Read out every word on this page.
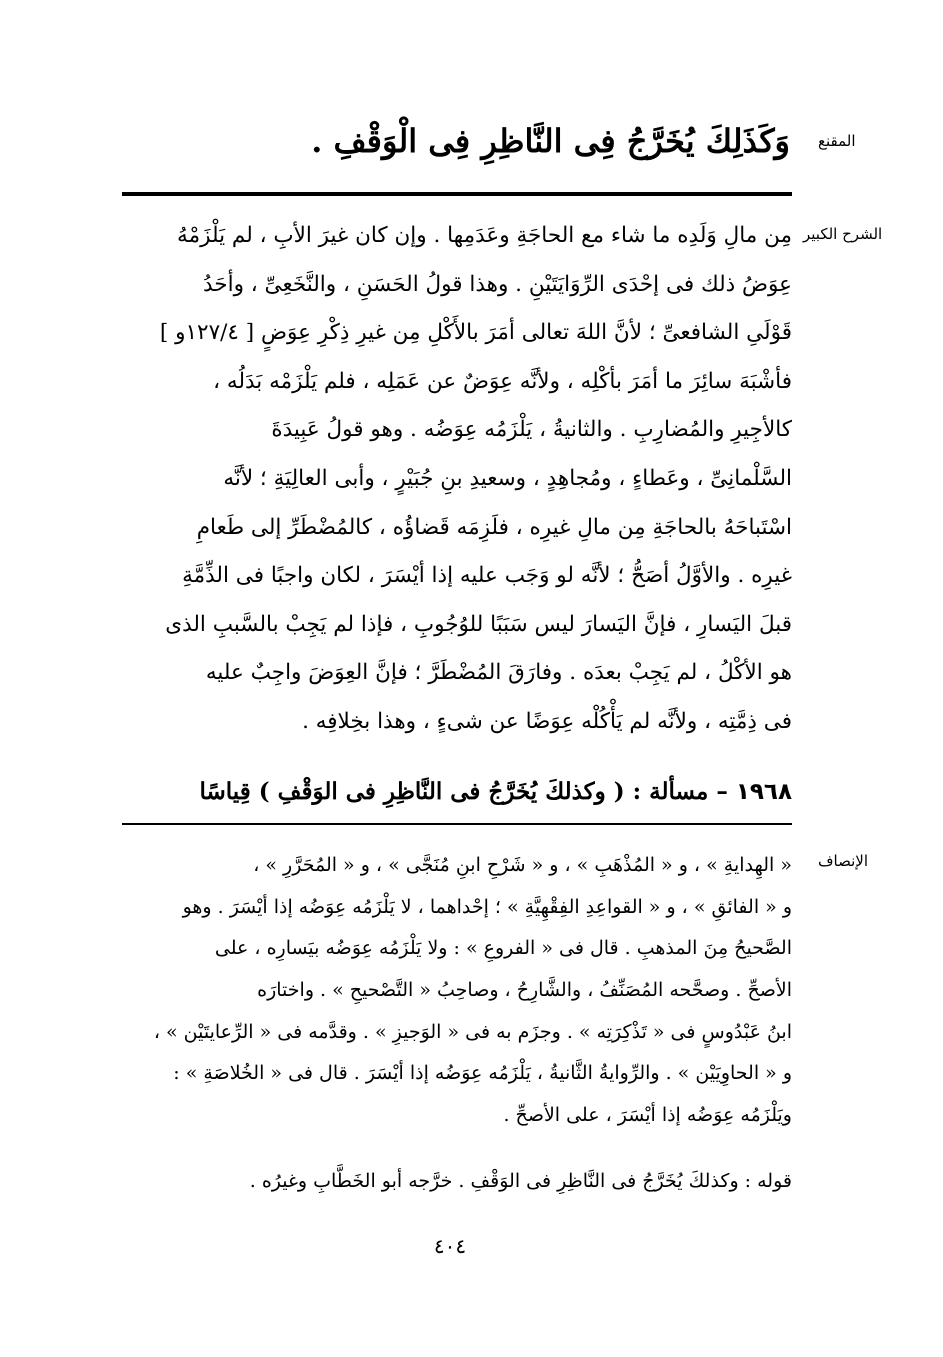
المقنع
وَكَذَلِكَ يُخَرَّجُ فِى النَّاظِرِ فِى الْوَقْفِ .
الشرح الكبير
مِن مالِ وَلَدِه ما شاء مع الحاجَةِ وعَدَمِها . وإن كان غيرَ الأبِ ، لم يَلْزَمْهُ
عِوَضُ ذلك فى إحْدَى الرِّوَايَتَيْنِ . وهذا قولُ الحَسَنِ ، والنَّخَعِىِّ ، وأحَدُ
قَوْلَىِ الشافعىِّ ؛ لأنَّ اللهَ تعالى أمَرَ بالأَكْلِ مِن غيرِ ذِكْرِ عِوَضٍ [ ١٢٧/٤و ]
فأشْبَهَ سائِرَ ما أمَرَ بأكْلِه ، ولأنَّه عِوَضٌ عن عَمَلِه ، فلم يَلْزَمْه بَدَلُه ،
كالأجِيرِ والمُضارِبِ . والثانيةُ ، يَلْزَمُه عِوَضُه . وهو قولُ عَبِيدَةَ
السَّلْمانِىِّ ، وعَطاءٍ ، ومُجاهِدٍ ، وسعيدِ بنِ جُبَيْرٍ ، وأبى العالِيَةِ ؛ لأنَّه
اسْتَباحَهُ بالحاجَةِ مِن مالِ غيرِه ، فلَزِمَه قَضاؤُه ، كالمُضْطَرِّ إلى طَعامِ
غيرِه . والأوَّلُ أصَحُّ ؛ لأنَّه لو وَجَب عليه إذا أيْسَرَ ، لكان واجبًا فى الذِّمَّةِ
قبلَ اليَسارِ ، فإنَّ اليَسارَ ليس سَبَبًا للوُجُوبِ ، فإذا لم يَجِبْ بالسَّببِ الذى
هو الأكْلُ ، لم يَجِبْ بعدَه . وفارَقَ المُضْطَرَّ ؛ فإنَّ العِوَضَ واجِبٌ عليه
فى ذِمَّتِه ، ولأنَّه لم يَأْكُلْه عِوَضًا عن شىءٍ ، وهذا بخِلافِه .
١٩٦٨ – مسألة : ( وكذلكَ يُخَرَّجُ فى النَّاظِرِ فى الوَقْفِ ) قِياسًا
الإنصاف
« الهِدايةِ » ، و « المُذْهَبِ » ، و « شَرْحِ ابنِ مُنَجَّى » ، و « المُحَرَّرِ » ،
و « الفائقِ » ، و « القواعِدِ الفِقْهِيَّةِ » ؛ إحْداهما ، لا يَلْزَمُه عِوَضُه إذا أيْسَرَ . وهو
الصَّحيحُ مِنَ المذهبِ . قال فى « الفروعِ » : ولا يَلْزَمُه عِوَضُه بيَسارِه ، على
الأصحِّ . وصحَّحه المُصَنِّفُ ، والشَّارِحُ ، وصاحِبُ « التَّصْحيحِ » . واختارَه
ابنُ عَبْدُوسٍ فى « تَذْكِرَتِه » . وجزَم به فى « الوَجيزِ » . وقدَّمه فى « الرِّعايتَيْن » ،
و « الحاوِيَيْن » . والرِّوايةُ الثَّانيةُ ، يَلْزَمُه عِوَضُه إذا أيْسَرَ . قال فى « الخُلاصَةِ » :
ويَلْزَمُه عِوَضُه إذا أيْسَرَ ، على الأصحِّ .
قوله : وكذلكَ يُخَرَّجُ فى النَّاظِرِ فى الوَقْفِ . خرَّجه أبو الخَطَّابِ وغيرُه .
٤٠٤
